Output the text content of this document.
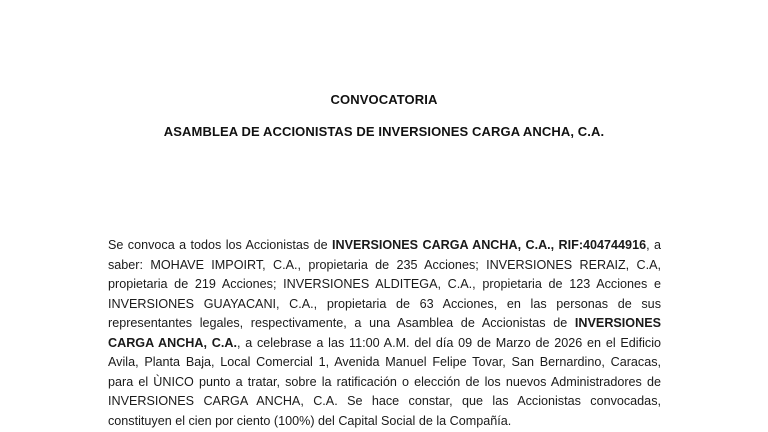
CONVOCATORIA
ASAMBLEA DE ACCIONISTAS DE INVERSIONES CARGA ANCHA, C.A.

Se convoca a todos los Accionistas de INVERSIONES CARGA ANCHA, C.A., RIF:404744916, a saber: MOHAVE IMPOIRT, C.A., propietaria de 235 Acciones; INVERSIONES RERAIZ, C.A, propietaria de 219 Acciones; INVERSIONES ALDITEGA, C.A., propietaria de 123 Acciones e INVERSIONES GUAYACANI, C.A., propietaria de 63 Acciones, en las personas de sus representantes legales, respectivamente, a una Asamblea de Accionistas de INVERSIONES CARGA ANCHA, C.A., a celebrase a las 11:00 A.M. del día 09 de Marzo de 2026 en el Edificio Avila, Planta Baja, Local Comercial 1, Avenida Manuel Felipe Tovar, San Bernardino, Caracas, para el ÙNICO punto a tratar, sobre la ratificación o elección de los nuevos Administradores de INVERSIONES CARGA ANCHA, C.A. Se hace constar, que las Accionistas convocadas, constituyen el cien por ciento (100%) del Capital Social de la Compañía.
